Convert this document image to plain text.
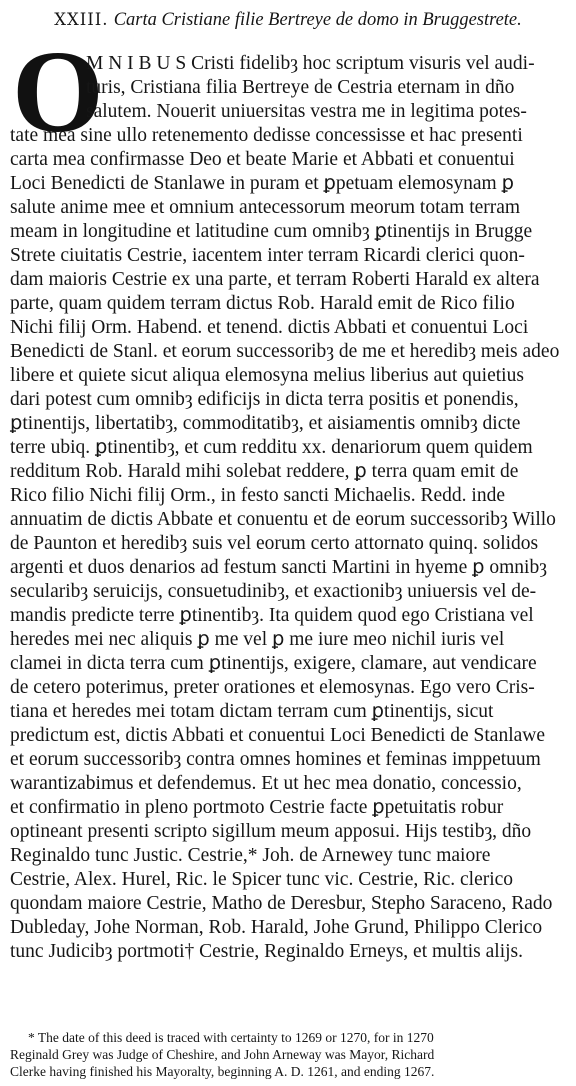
XXIII. Carta Cristiane filie Bertreye de domo in Bruggestrete.
O

M N I B U S Cristi fidelibȝ hoc scriptum visuris vel audi-

turis, Cristiana filia Bertreye de Cestria eternam in dño

salutem. Nouerit uniuersitas vestra me in legitima potes-

tate mea sine ullo retenemento dedisse concessisse et hac presenti

carta mea confirmasse Deo et beate Marie et Abbati et conuentui

Loci Benedicti de Stanlawe in puram et ꝑpetuam elemosynam ꝑ

salute anime mee et omnium antecessorum meorum totam terram

meam in longitudine et latitudine cum omnibȝ ꝑtinentijs in Brugge

Strete ciuitatis Cestrie, iacentem inter terram Ricardi clerici quon-

dam maioris Cestrie ex una parte, et terram Roberti Harald ex altera

parte, quam quidem terram dictus Rob. Harald emit de Rico filio

Nichi filij Orm. Habend. et tenend. dictis Abbati et conuentui Loci

Benedicti de Stanl. et eorum successoribȝ de me et heredibȝ meis adeo

libere et quiete sicut aliqua elemosyna melius liberius aut quietius

dari potest cum omnibȝ edificijs in dicta terra positis et ponendis,

ꝑtinentijs, libertatibȝ, commoditatibȝ, et aisiamentis omnibȝ dicte

terre ubiq. ꝑtinentibȝ, et cum redditu xx. denariorum quem quidem

redditum Rob. Harald mihi solebat reddere, ꝑ terra quam emit de

Rico filio Nichi filij Orm., in festo sancti Michaelis. Redd. inde

annuatim de dictis Abbate et conuentu et de eorum successoribȝ Willo

de Paunton et heredibȝ suis vel eorum certo attornato quinq. solidos

argenti et duos denarios ad festum sancti Martini in hyeme ꝑ omnibȝ

secularibȝ seruicijs, consuetudinibȝ, et exactionibȝ uniuersis vel de-

mandis predicte terre ꝑtinentibȝ. Ita quidem quod ego Cristiana vel

heredes mei nec aliquis ꝑ me vel ꝑ me iure meo nichil iuris vel

clamei in dicta terra cum ꝑtinentijs, exigere, clamare, aut vendicare

de cetero poterimus, preter orationes et elemosynas. Ego vero Cris-

tiana et heredes mei totam dictam terram cum ꝑtinentijs, sicut

predictum est, dictis Abbati et conuentui Loci Benedicti de Stanlawe

et eorum successoribȝ contra omnes homines et feminas imppetuum

warantizabimus et defendemus. Et ut hec mea donatio, concessio,

et confirmatio in pleno portmoto Cestrie facte ꝑpetuitatis robur

optineant presenti scripto sigillum meum apposui. Hijs testibȝ, dño

Reginaldo tunc Justic. Cestrie,* Joh. de Arnewey tunc maiore

Cestrie, Alex. Hurel, Ric. le Spicer tunc vic. Cestrie, Ric. clerico

quondam maiore Cestrie, Matho de Deresbur, Stepho Saraceno, Rado

Dubleday, Johe Norman, Rob. Harald, Johe Grund, Philippo Clerico

tunc Judicibȝ portmoti† Cestrie, Reginaldo Erneys, et multis alijs.

* The date of this deed is traced with certainty to 1269 or 1270, for in 1270

Reginald Grey was Judge of Cheshire, and John Arneway was Mayor, Richard

Clerke having finished his Mayoralty, beginning A. D. 1261, and ending 1267.
